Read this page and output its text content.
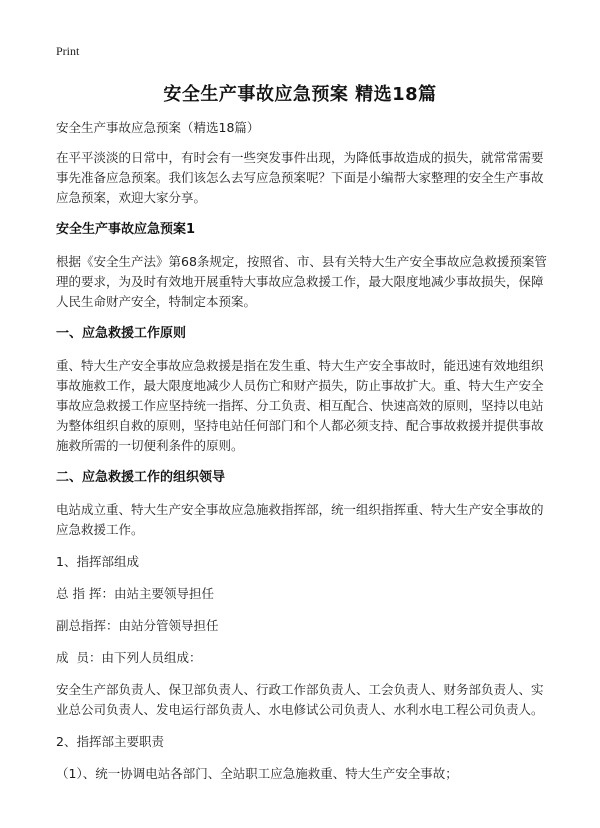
Print
安全生产事故应急预案 精选18篇

安全生产事故应急预案（精选18篇）

在平平淡淡的日常中，有时会有一些突发事件出现，为降低事故造成的损失，就常常需要事先准备应急预案。我们该怎么去写应急预案呢？下面是小编帮大家整理的安全生产事故应急预案，欢迎大家分享。

安全生产事故应急预案1

根据《安全生产法》第68条规定，按照省、市、县有关特大生产安全事故应急救援预案管理的要求，为及时有效地开展重特大事故应急救援工作，最大限度地减少事故损失，保障人民生命财产安全，特制定本预案。

一、应急救援工作原则

重、特大生产安全事故应急救援是指在发生重、特大生产安全事故时，能迅速有效地组织事故施救工作，最大限度地减少人员伤亡和财产损失，防止事故扩大。重、特大生产安全事故应急救援工作应坚持统一指挥、分工负责、相互配合、快速高效的原则，坚持以电站为整体组织自救的原则，坚持电站任何部门和个人都必须支持、配合事故救援并提供事故施救所需的一切便利条件的原则。

二、应急救援工作的组织领导

电站成立重、特大生产安全事故应急施救指挥部，统一组织指挥重、特大生产安全事故的应急救援工作。

1、指挥部组成

总 指 挥：由站主要领导担任

副总指挥：由站分管领导担任

成  员：由下列人员组成：

安全生产部负责人、保卫部负责人、行政工作部负责人、工会负责人、财务部负责人、实业总公司负责人、发电运行部负责人、水电修试公司负责人、水利水电工程公司负责人。

2、指挥部主要职责

（1）、统一协调电站各部门、全站职工应急施救重、特大生产安全事故；
